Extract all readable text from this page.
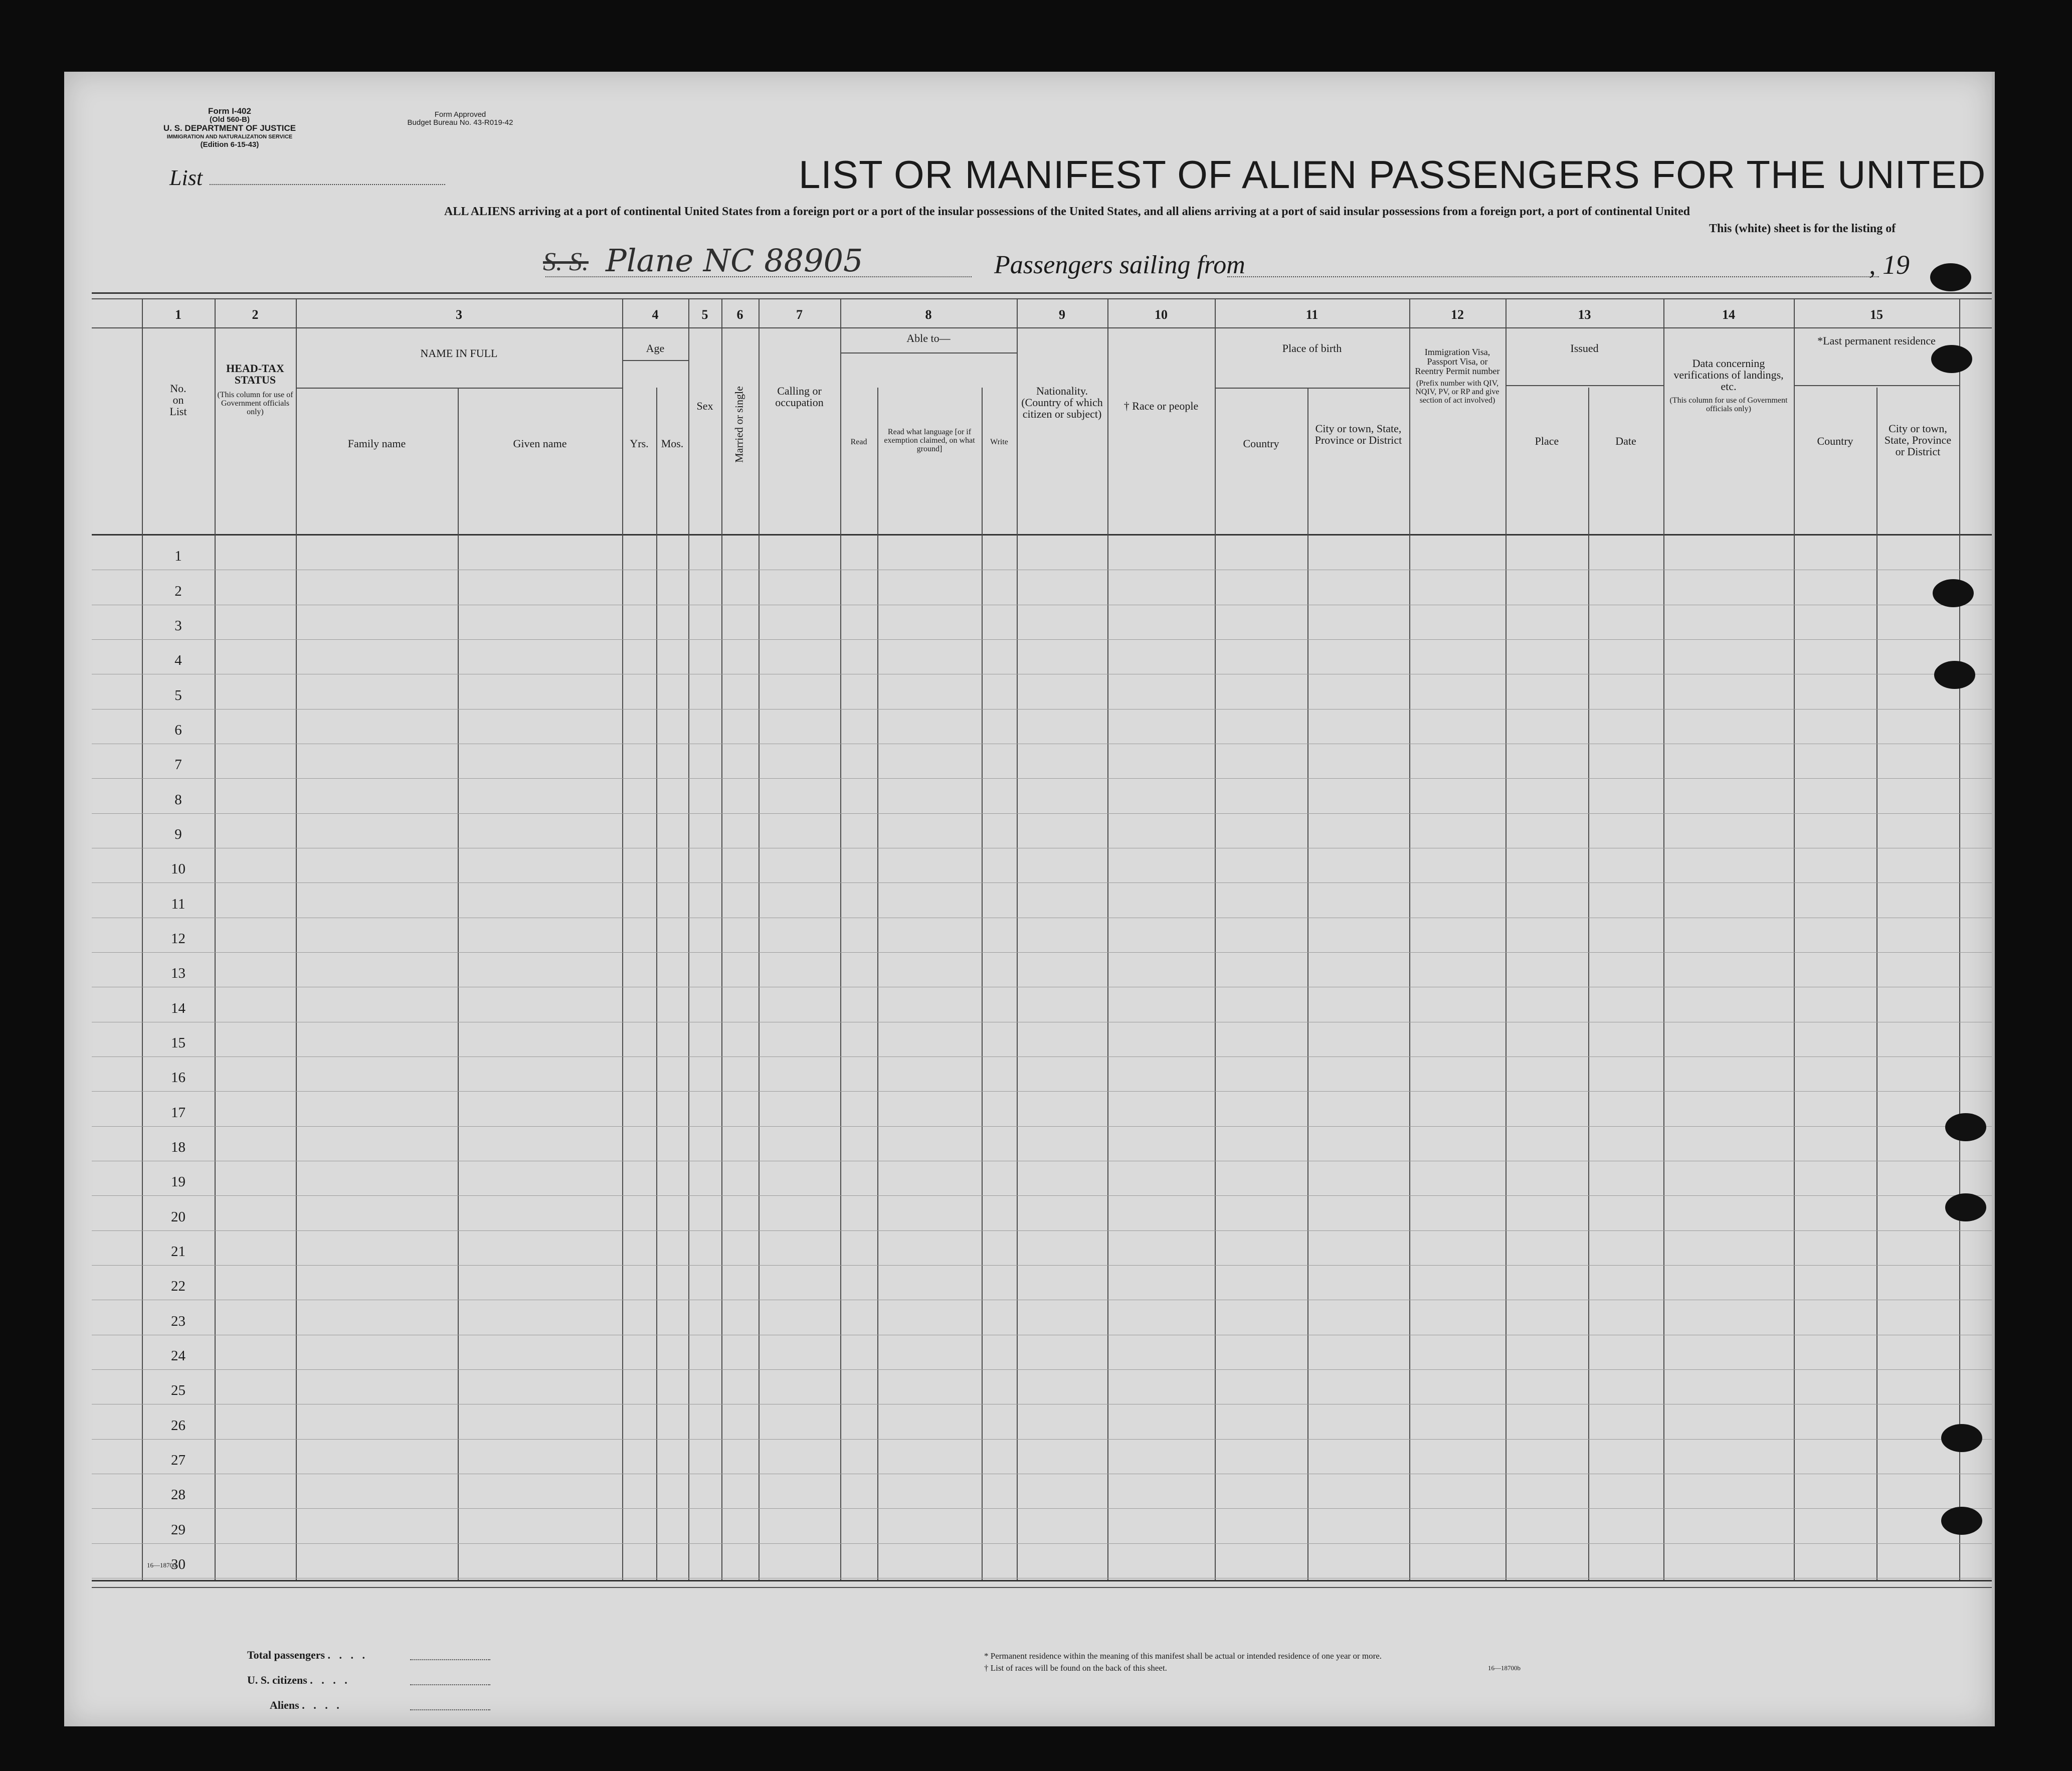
Form I-402
(Old 560-B)
U. S. DEPARTMENT OF JUSTICE
IMMIGRATION AND NATURALIZATION SERVICE
(Edition 6-15-43)
Form Approved
Budget Bureau No. 43-R019-42
List	LIST OR MANIFEST OF ALIEN PASSENGERS FOR THE UNITED
ALL ALIENS arriving at a port of continental United States from a foreign port or a port of the insular possessions of the United States, and all aliens arriving at a port of said insular possessions from a foreign port, a port of continental United
This (white) sheet is for the listing of
S. S. Plane NC 88905	Passengers sailing from	, 19
1	2	3	4	5	6	7	8	9	10	11	12	13	14	15
No.
on
List
HEAD-TAX STATUS
(This column for use of Government officials only)
NAME IN FULL
Family name	Given name
Age
Yrs.	Mos.
Sex	Married or single	Calling or occupation
Able to—
Read
Read what language [or if exemption claimed, on what ground]
Write
Nationality. (Country of which citizen or subject)
† Race or people
Place of birth
Country
City or town, State, Province or District
Immigration Visa, Passport Visa, or Reentry Permit number
(Prefix number with QIV, NQIV, PV, or RP and give section of act involved)
Issued
Place	Date
Data concerning verifications of landings, etc.
(This column for use of Government officials only)
*Last permanent residence
Country
City or town, State, Province or District
1
2
3
4
5
6
7
8
9
10
11
12
13
14
15
16
17
18
19
20
21
22
23
24
25
26
27
28
29
30
16—18700
Total passengers . . . .
U. S. citizens . . . .
Aliens . . . .
* Permanent residence within the meaning of this manifest shall be actual or intended residence of one year or more.
† List of races will be found on the back of this sheet.	16—18700b
